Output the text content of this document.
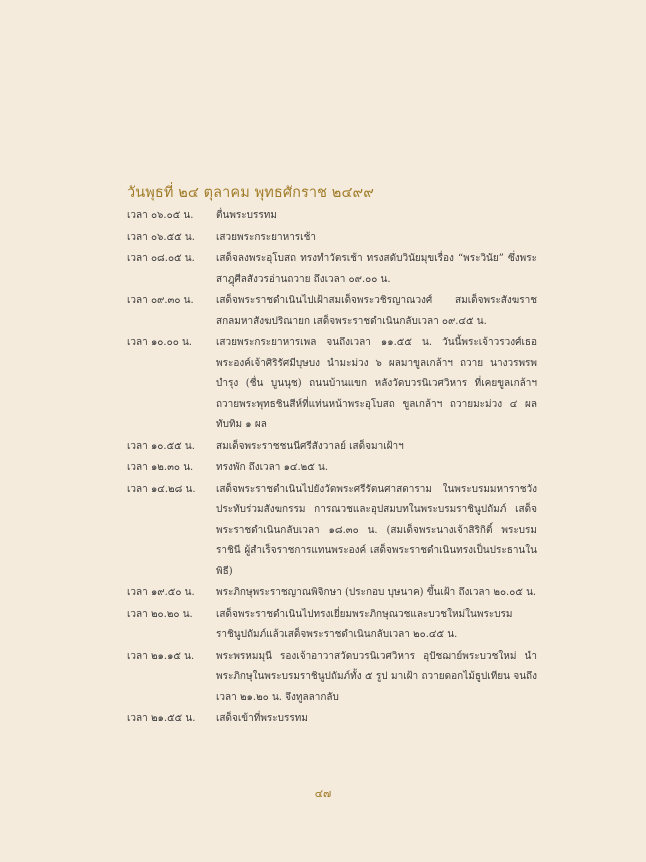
วันพุธที่ ๒๔ ตุลาคม พุทธศักราช ๒๔๙๙
เวลา ๐๖.๐๕ น.	ตื่นพระบรรทม
เวลา ๐๖.๕๕ น.	เสวยพระกระยาหารเช้า
เวลา ๐๘.๐๕ น.	เสด็จลงพระอุโบสถ ทรงทำวัตรเช้า ทรงสดับวินัยมุขเรื่อง “พระวินัย” ซึ่งพระสาฎุศีลสังวรอ่านถวาย ถึงเวลา ๐๙.๐๐ น.
เวลา ๐๙.๓๐ น.	เสด็จพระราชดำเนินไปเฝ้าสมเด็จพระวชิรญาณวงศ์ สมเด็จพระสังฆราช สกลมหาสังฆปริณายก เสด็จพระราชดำเนินกลับเวลา ๐๙.๔๕ น.
เวลา ๑๐.๐๐ น.	เสวยพระกระยาหารเพล จนถึงเวลา ๑๑.๕๕ น. วันนี้พระเจ้าวรวงศ์เธอ พระองค์เจ้าศิริรัศมีบุษบง นำมะม่วง ๖ ผลมาขูลเกล้าฯ ถวาย นางวรพรพ บำรุง (ชื่น บูนนุช) ถนนบ้านแขก หลังวัดบวรนิเวศวิหาร ที่เคยขูลเกล้าฯ ถวายพระพุทธชินสีห์ที่แท่นหน้าพระอุโบสถ ขูลเกล้าฯ ถวายมะม่วง ๔ ผล ทับทิม ๑ ผล
เวลา ๑๐.๕๕ น.	สมเด็จพระราชชนนีศรีสังวาลย์ เสด็จมาเฝ้าฯ
เวลา ๑๒.๓๐ น.	ทรงพัก ถึงเวลา ๑๔.๒๕ น.
เวลา ๑๔.๒๘ น.	เสด็จพระราชดำเนินไปยังวัดพระศรีรัตนศาสดาราม ในพระบรมมหาราชวัง ประทับร่วมสังฆกรรม การณวชและอุปสมบทในพระบรมราชินูปถัมภ์ เสด็จพระราชดำเนินกลับเวลา ๑๘.๓๐ น. (สมเด็จพระนางเจ้าสิริกิติ์ พระบรมราชินี ผู้สำเร็จราชการแทนพระองค์ เสด็จพระราชดำเนินทรงเป็นประธานในพิธี)
เวลา ๑๙.๕๐ น.	พระภิกษุพระราชญาณพิจิกษา (ประกอบ บุษนาค) ขึ้นเฝ้า ถึงเวลา ๒๐.๐๕ น.
เวลา ๒๐.๒๐ น.	เสด็จพระราชดำเนินไปทรงเยี่ยมพระภิกษุณวชและบวชใหม่ในพระบรมราชินูปถัมภ์แล้วเสด็จพระราชดำเนินกลับเวลา ๒๐.๔๕ น.
เวลา ๒๑.๑๕ น.	พระพรหมมุนี รองเจ้าอาวาสวัดบวรนิเวศวิหาร อุปัชฌาย์พระบวชใหม่ นำพระภิกษุในพระบรมราชินูปถัมภ์ทั้ง ๕ รูป มาเฝ้า ถวายดอกไม้ธูปเทียน จนถึงเวลา ๒๑.๒๐ น. จึงทูลลากลับ
เวลา ๒๑.๕๕ น.	เสด็จเข้าที่พระบรรทม
๔๗
